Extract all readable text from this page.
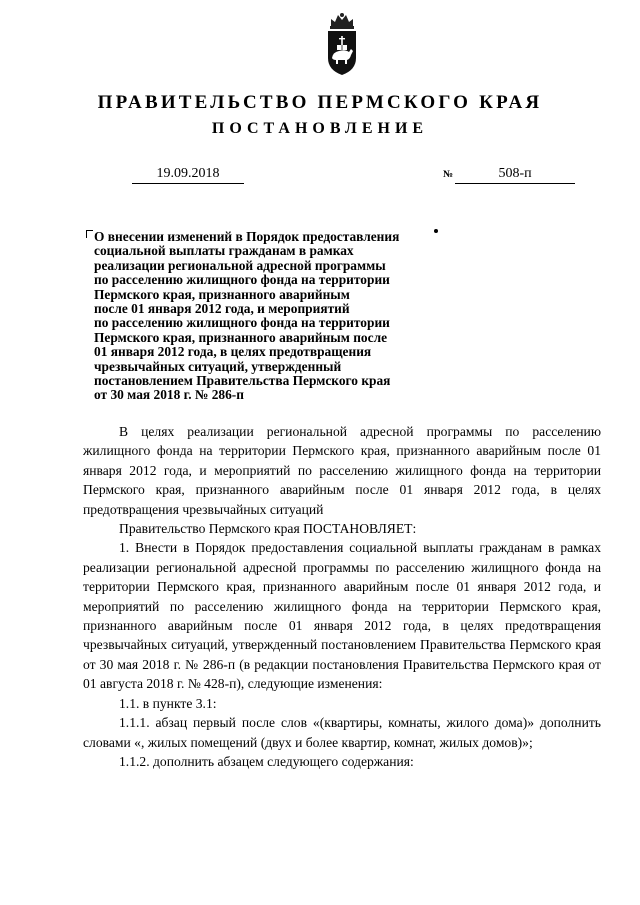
ПРАВИТЕЛЬСТВО ПЕРМСКОГО КРАЯ
ПОСТАНОВЛЕНИЕ
19.09.2018	№	508-п
О внесении изменений в Порядок предоставления
социальной выплаты гражданам в рамках
реализации региональной адресной программы
по расселению жилищного фонда на территории
Пермского края, признанного аварийным
после 01 января 2012 года, и мероприятий
по расселению жилищного фонда на территории
Пермского края, признанного аварийным после
01 января 2012 года, в целях предотвращения
чрезвычайных ситуаций, утвержденный
постановлением Правительства Пермского края
от 30 мая 2018 г. № 286-п

В целях реализации региональной адресной программы по расселению жилищного фонда на территории Пермского края, признанного аварийным после 01 января 2012 года, и мероприятий по расселению жилищного фонда на территории Пермского края, признанного аварийным после 01 января 2012 года, в целях предотвращения чрезвычайных ситуаций

Правительство Пермского края ПОСТАНОВЛЯЕТ:

1. Внести в Порядок предоставления социальной выплаты гражданам в рамках реализации региональной адресной программы по расселению жилищного фонда на территории Пермского края, признанного аварийным после 01 января 2012 года, и мероприятий по расселению жилищного фонда на территории Пермского края, признанного аварийным после 01 января 2012 года, в целях предотвращения чрезвычайных ситуаций, утвержденный постановлением Правительства Пермского края от 30 мая 2018 г. № 286-п (в редакции постановления Правительства Пермского края от 01 августа 2018 г. № 428-п), следующие изменения:

1.1. в пункте 3.1:

1.1.1. абзац первый после слов «(квартиры, комнаты, жилого дома)» дополнить словами «, жилых помещений (двух и более квартир, комнат, жилых домов)»;

1.1.2. дополнить абзацем следующего содержания:
